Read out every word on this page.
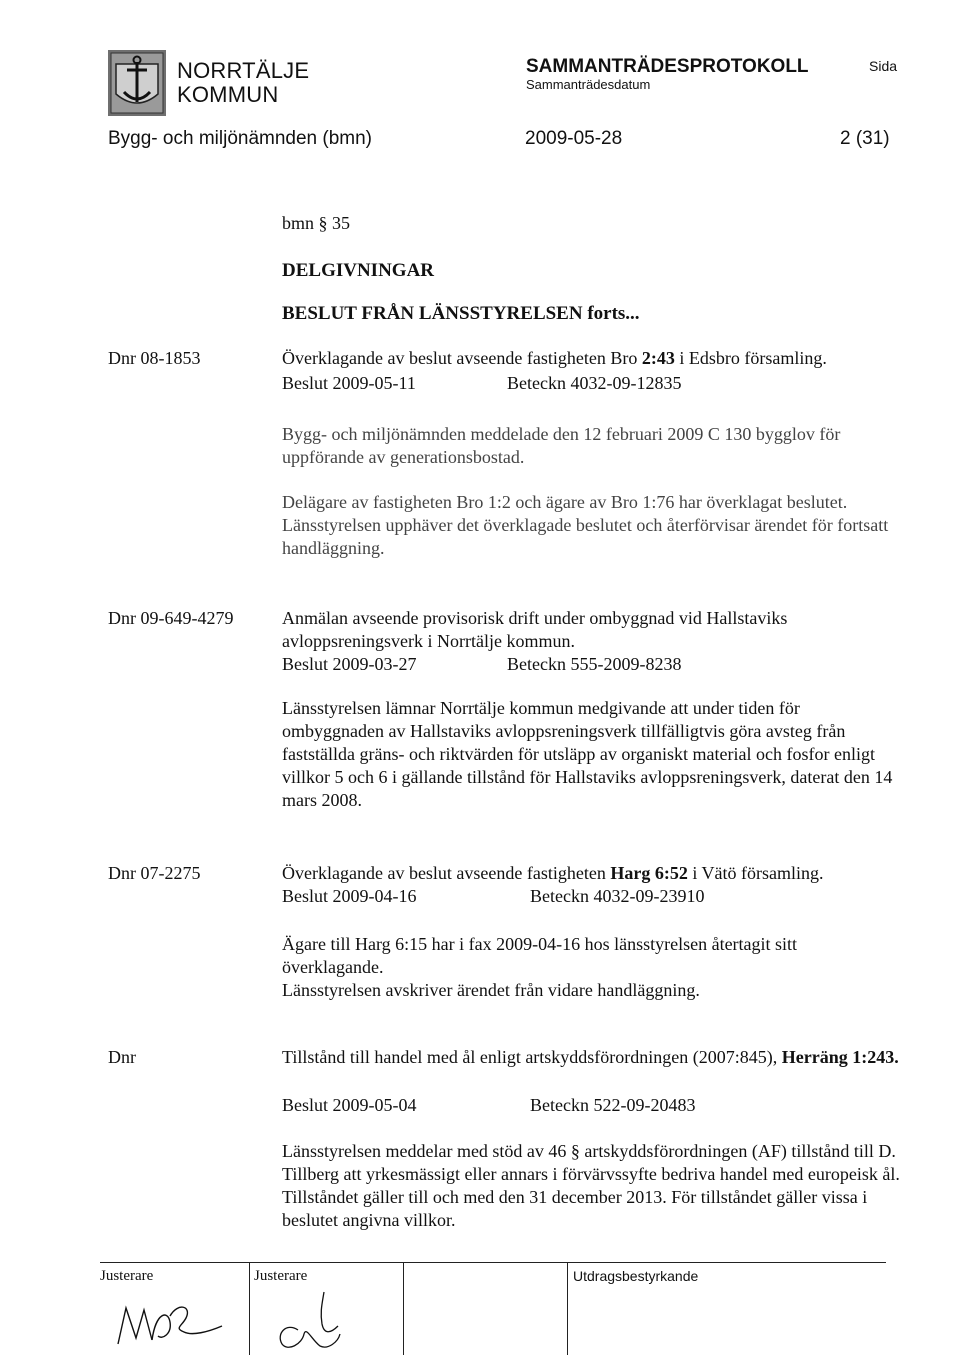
NORRTÄLJE
KOMMUN
SAMMANTRÄDESPROTOKOLL
Sammanträdesdatum
Sida
Bygg- och miljönämnden (bmn)	2009-05-28	2 (31)
bmn § 35
DELGIVNINGAR
BESLUT FRÅN LÄNSSTYRELSEN forts...
Dnr 08-1853	Överklagande av beslut avseende fastigheten Bro 2:43 i Edsbro församling.
Beslut 2009-05-11	Beteckn 4032-09-12835
Bygg- och miljönämnden meddelade den 12 februari 2009 C 130 bygglov för uppförande av generationsbostad.
Delägare av fastigheten Bro 1:2 och ägare av Bro 1:76 har överklagat beslutet. Länsstyrelsen upphäver det överklagade beslutet och återförvisar ärendet för fortsatt handläggning.
Dnr 09-649-4279	Anmälan avseende provisorisk drift under ombyggnad vid Hallstaviks avloppsreningsverk i Norrtälje kommun.
Beslut 2009-03-27	Beteckn 555-2009-8238
Länsstyrelsen lämnar Norrtälje kommun medgivande att under tiden för ombyggnaden av Hallstaviks avloppsreningsverk tillfälligtvis göra avsteg från fastställda gräns- och riktvärden för utsläpp av organiskt material och fosfor enligt villkor 5 och 6 i gällande tillstånd för Hallstaviks avloppsreningsverk, daterat den 14 mars 2008.
Dnr 07-2275	Överklagande av beslut avseende fastigheten Harg 6:52 i Vätö församling.
Beslut 2009-04-16	Beteckn 4032-09-23910
Ägare till Harg 6:15 har i fax 2009-04-16 hos länsstyrelsen återtagit sitt överklagande.
Länsstyrelsen avskriver ärendet från vidare handläggning.
Dnr	Tillstånd till handel med ål enligt artskyddsförordningen (2007:845), Herräng 1:243.
Beslut 2009-05-04	Beteckn 522-09-20483
Länsstyrelsen meddelar med stöd av 46 § artskyddsförordningen (AF) tillstånd till D. Tillberg att yrkesmässigt eller annars i förvärvssyfte bedriva handel med europeisk ål. Tillståndet gäller till och med den 31 december 2013. För tillståndet gäller vissa i beslutet angivna villkor.
Justerare	Justerare	Utdragsbestyrkande
